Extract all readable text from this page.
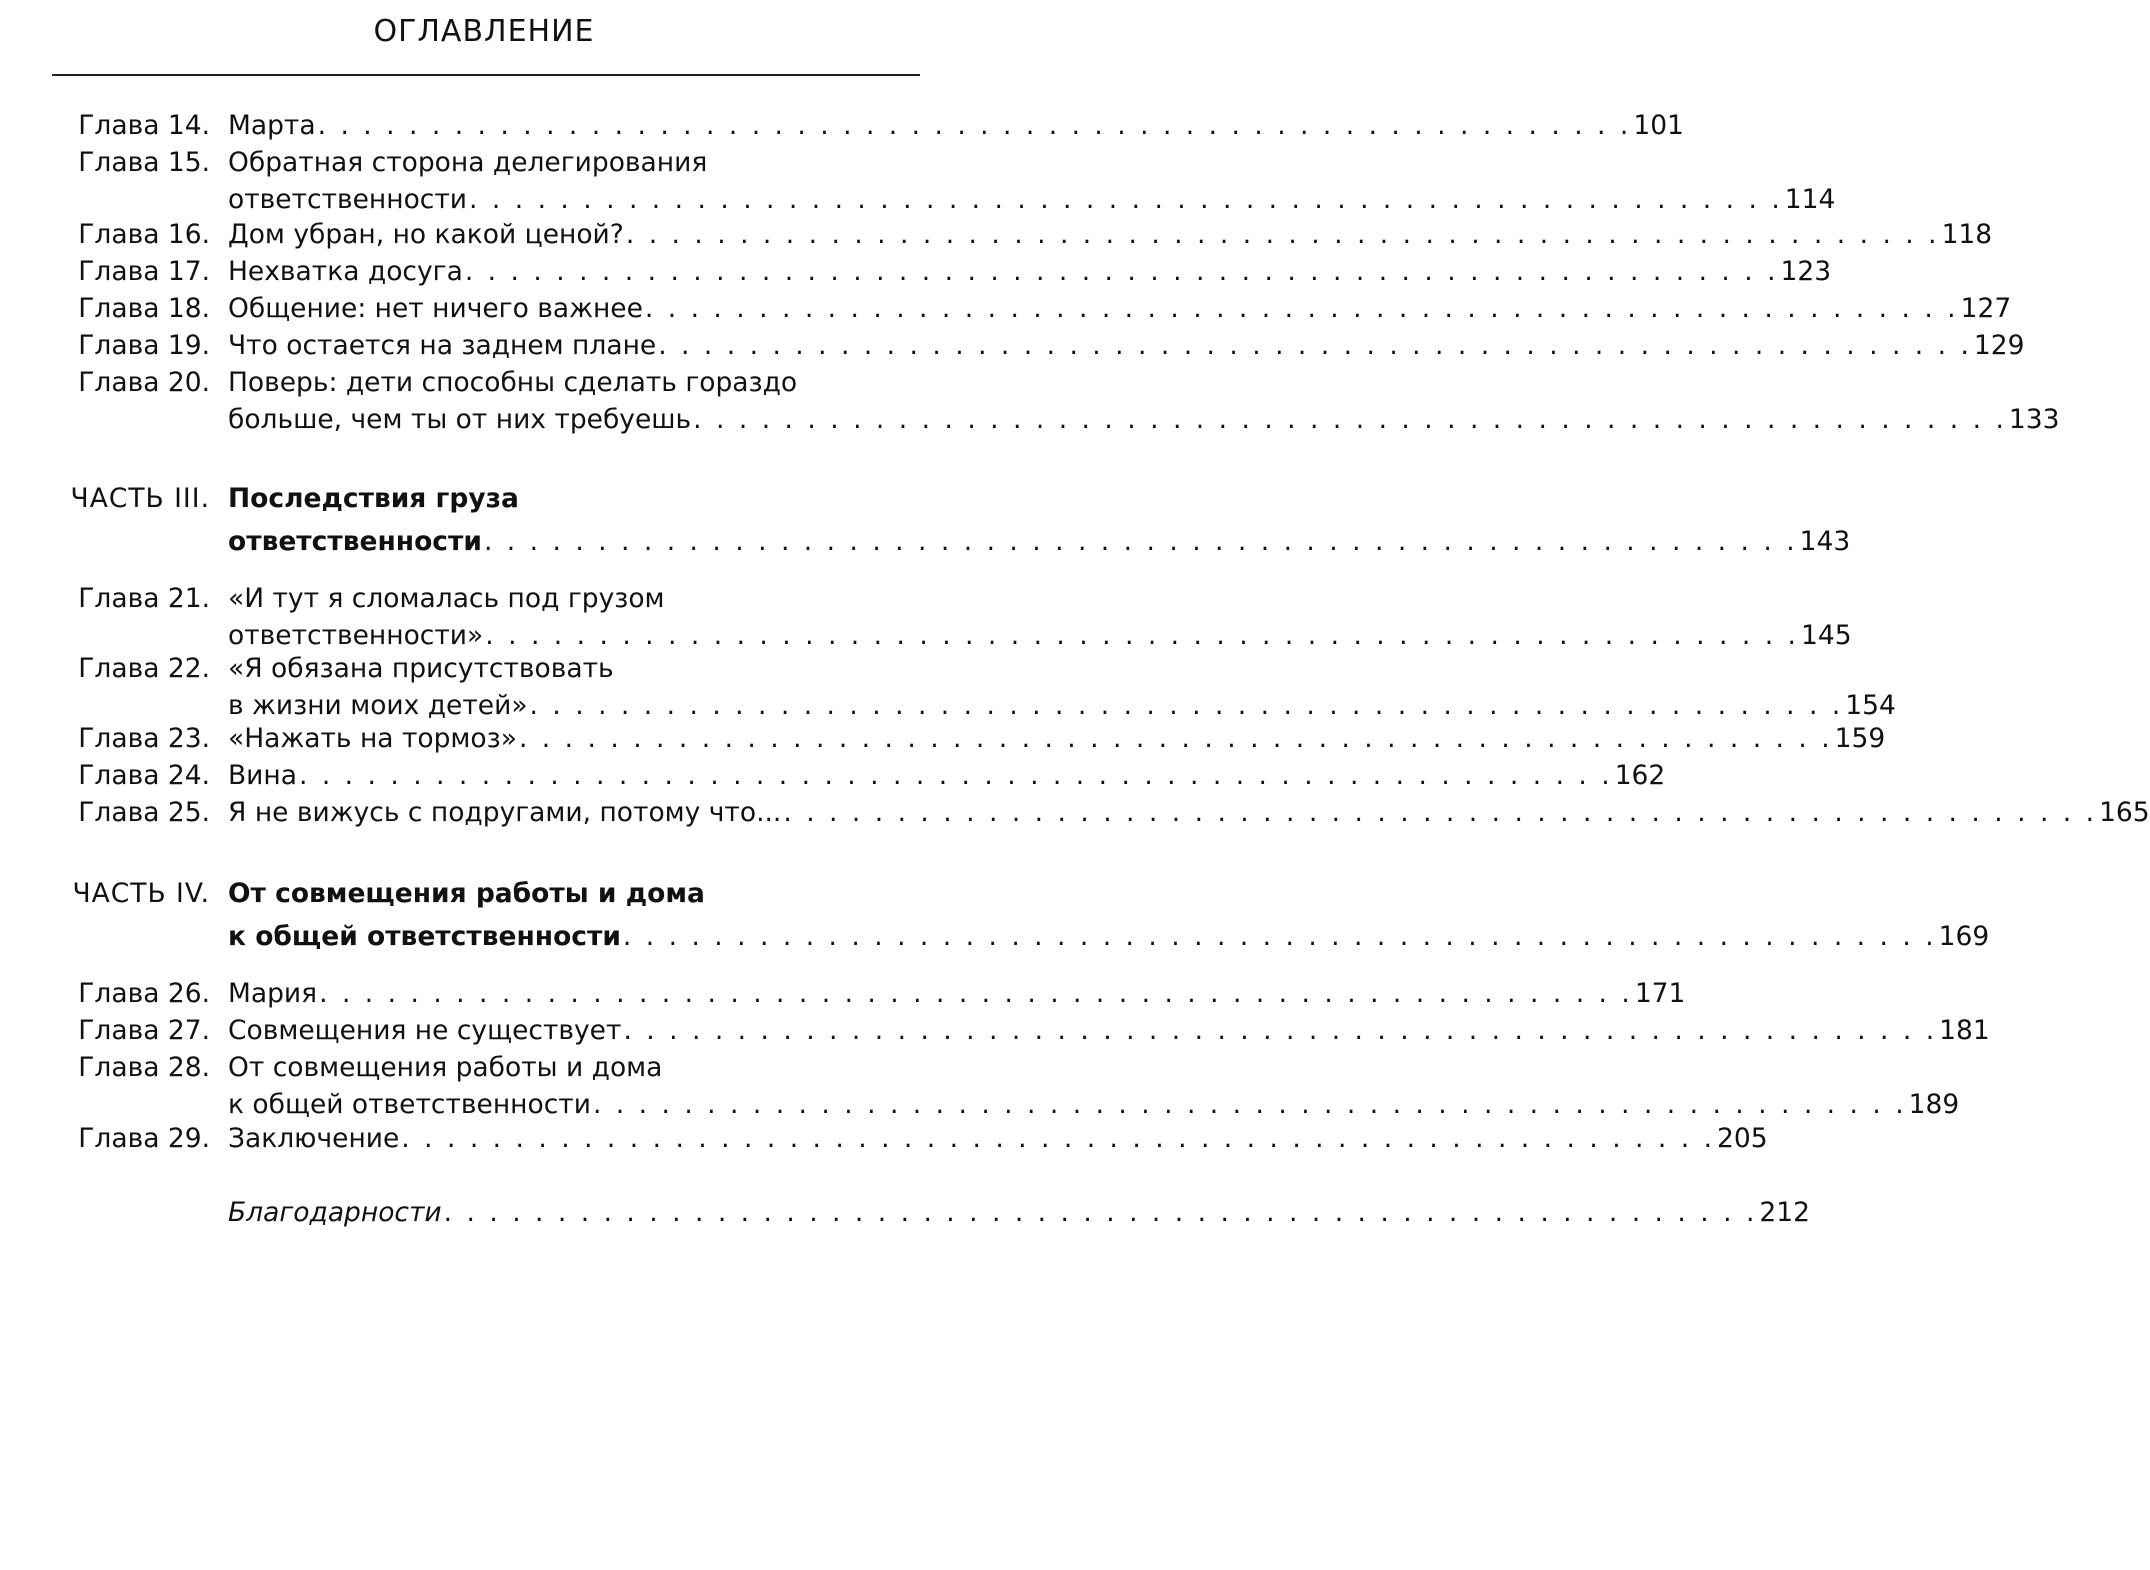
ОГЛАВЛЕНИЕ
Глава 14. Марта . . . . . . . . . . . . . . . . . . . . . . . . . . . . . . . . . . . . . . . . . . . . . . . . . . . . . . . . . . 101
Глава 15. Обратная сторона делегирования
ответственности . . . . . . . . . . . . . . . . . . . . . . . . . . . . . . . . . . . . . . . . . . . . . . . . . . . . . . . . . . 114
Глава 16. Дом убран, но какой ценой? . . . . . . . . . . . . . . . . . . . . . . . . . . . . . . . . . . . . . . . . . . . . . . . . . . . . . . . . . . 118
Глава 17. Нехватка досуга . . . . . . . . . . . . . . . . . . . . . . . . . . . . . . . . . . . . . . . . . . . . . . . . . . . . . . . . . . 123
Глава 18. Общение: нет ничего важнее . . . . . . . . . . . . . . . . . . . . . . . . . . . . . . . . . . . . . . . . . . . . . . . . . . . . . . . . . . 127
Глава 19. Что остается на заднем плане . . . . . . . . . . . . . . . . . . . . . . . . . . . . . . . . . . . . . . . . . . . . . . . . . . . . . . . . . . 129
Глава 20. Поверь: дети способны сделать гораздо
больше, чем ты от них требуешь . . . . . . . . . . . . . . . . . . . . . . . . . . . . . . . . . . . . . . . . . . . . . . . . . . . . . . . . . . 133
ЧАСТЬ III. Последствия груза
ответственности . . . . . . . . . . . . . . . . . . . . . . . . . . . . . . . . . . . . . . . . . . . . . . . . . . . . . . . . . . 143
Глава 21. «И тут я сломалась под грузом
ответственности» . . . . . . . . . . . . . . . . . . . . . . . . . . . . . . . . . . . . . . . . . . . . . . . . . . . . . . . . . . 145
Глава 22. «Я обязана присутствовать
в жизни моих детей» . . . . . . . . . . . . . . . . . . . . . . . . . . . . . . . . . . . . . . . . . . . . . . . . . . . . . . . . . . 154
Глава 23. «Нажать на тормоз» . . . . . . . . . . . . . . . . . . . . . . . . . . . . . . . . . . . . . . . . . . . . . . . . . . . . . . . . . . 159
Глава 24. Вина . . . . . . . . . . . . . . . . . . . . . . . . . . . . . . . . . . . . . . . . . . . . . . . . . . . . . . . . . . 162
Глава 25. Я не вижусь с подругами, потому что... . . . . . . . . . . . . . . . . . . . . . . . . . . . . . . . . . . . . . . . . . . . . . . . . . . . . . . . . . . 165
ЧАСТЬ IV. От совмещения работы и дома
к общей ответственности . . . . . . . . . . . . . . . . . . . . . . . . . . . . . . . . . . . . . . . . . . . . . . . . . . . . . . . . . . 169
Глава 26. Мария . . . . . . . . . . . . . . . . . . . . . . . . . . . . . . . . . . . . . . . . . . . . . . . . . . . . . . . . . . 171
Глава 27. Совмещения не существует . . . . . . . . . . . . . . . . . . . . . . . . . . . . . . . . . . . . . . . . . . . . . . . . . . . . . . . . . . 181
Глава 28. От совмещения работы и дома
к общей ответственности . . . . . . . . . . . . . . . . . . . . . . . . . . . . . . . . . . . . . . . . . . . . . . . . . . . . . . . . . . 189
Глава 29. Заключение . . . . . . . . . . . . . . . . . . . . . . . . . . . . . . . . . . . . . . . . . . . . . . . . . . . . . . . . . . 205
Благодарности . . . . . . . . . . . . . . . . . . . . . . . . . . . . . . . . . . . . . . . . . . . . . . . . . . . . . . . . . . 212
